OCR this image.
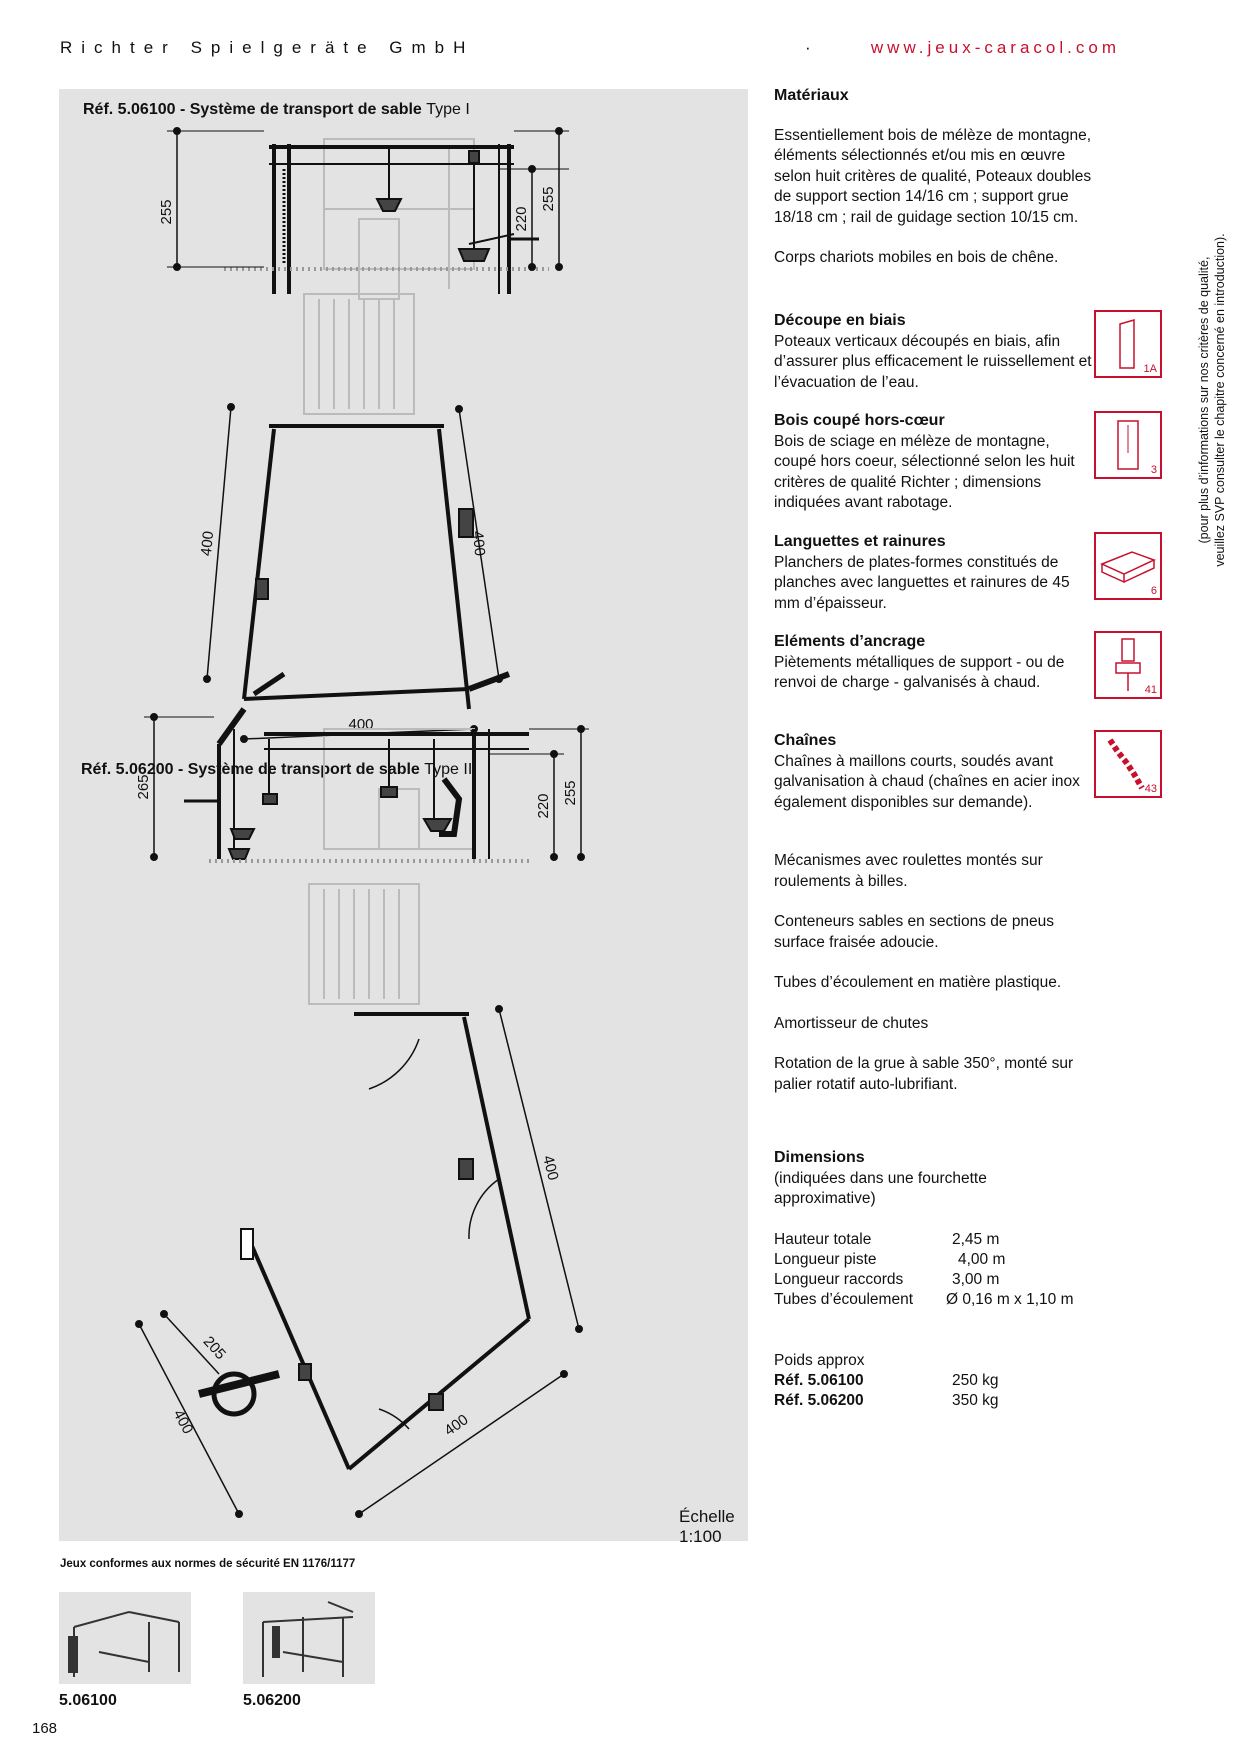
Richter Spielgeräte GmbH	·	www.jeux-caracol.com
Réf. 5.06100 - Système de transport de sable Type I
Réf. 5.06200 - Système de transport de sable Type II
255	220
255
400	400
400
265
220
255
400
205
400	400
Échelle 1:100
Matériaux

Essentiellement bois de mélèze de montagne, éléments sélectionnés et/ou mis en œuvre selon huit critères de qualité, Poteaux doubles de support section 14/16 cm ; support grue 18/18 cm ; rail de guidage section 10/15 cm.

Corps chariots mobiles en bois de chêne.

Découpe en biais

Poteaux verticaux découpés en biais, afin d’assurer plus efficacement le ruissellement et l’évacuation de l’eau.

Bois coupé hors-cœur

Bois de sciage en mélèze de montagne, coupé hors coeur, sélectionné selon les huit critères de qualité Richter ; dimensions indiquées avant rabotage.

Languettes et rainures

Planchers de plates-formes constitués de planches avec languettes et rainures de 45 mm d’épaisseur.

Eléments d’ancrage

Piètements métalliques de support - ou de renvoi de charge - galvanisés à chaud.

Chaînes

Chaînes à maillons courts, soudés avant galvanisation à chaud (chaînes en acier inox également disponibles sur demande).

Mécanismes avec roulettes montés sur roulements à billes.

Conteneurs sables en sections de pneus surface fraisée adoucie.

Tubes d’écoulement en matière plastique.

Amortisseur de chutes

Rotation de la grue à sable 350°, monté sur palier rotatif auto-lubrifiant.

1A
3
6
41
43
Dimensions
(indiquées dans une fourchette approximative)
Hauteur totale	2,45 m
Longueur piste	4,00 m
Longueur raccords	3,00 m
Tubes d’écoulement Ø 0,16 m x 1,10 m
Poids approx
Réf. 5.06100	250 kg
Réf. 5.06200	350 kg
(pour plus d’informations sur nos critères de qualité, veuillez SVP consulter le chapitre concerné en introduction).
Jeux conformes aux normes de sécurité EN 1176/1177
5.06100	5.06200
168
